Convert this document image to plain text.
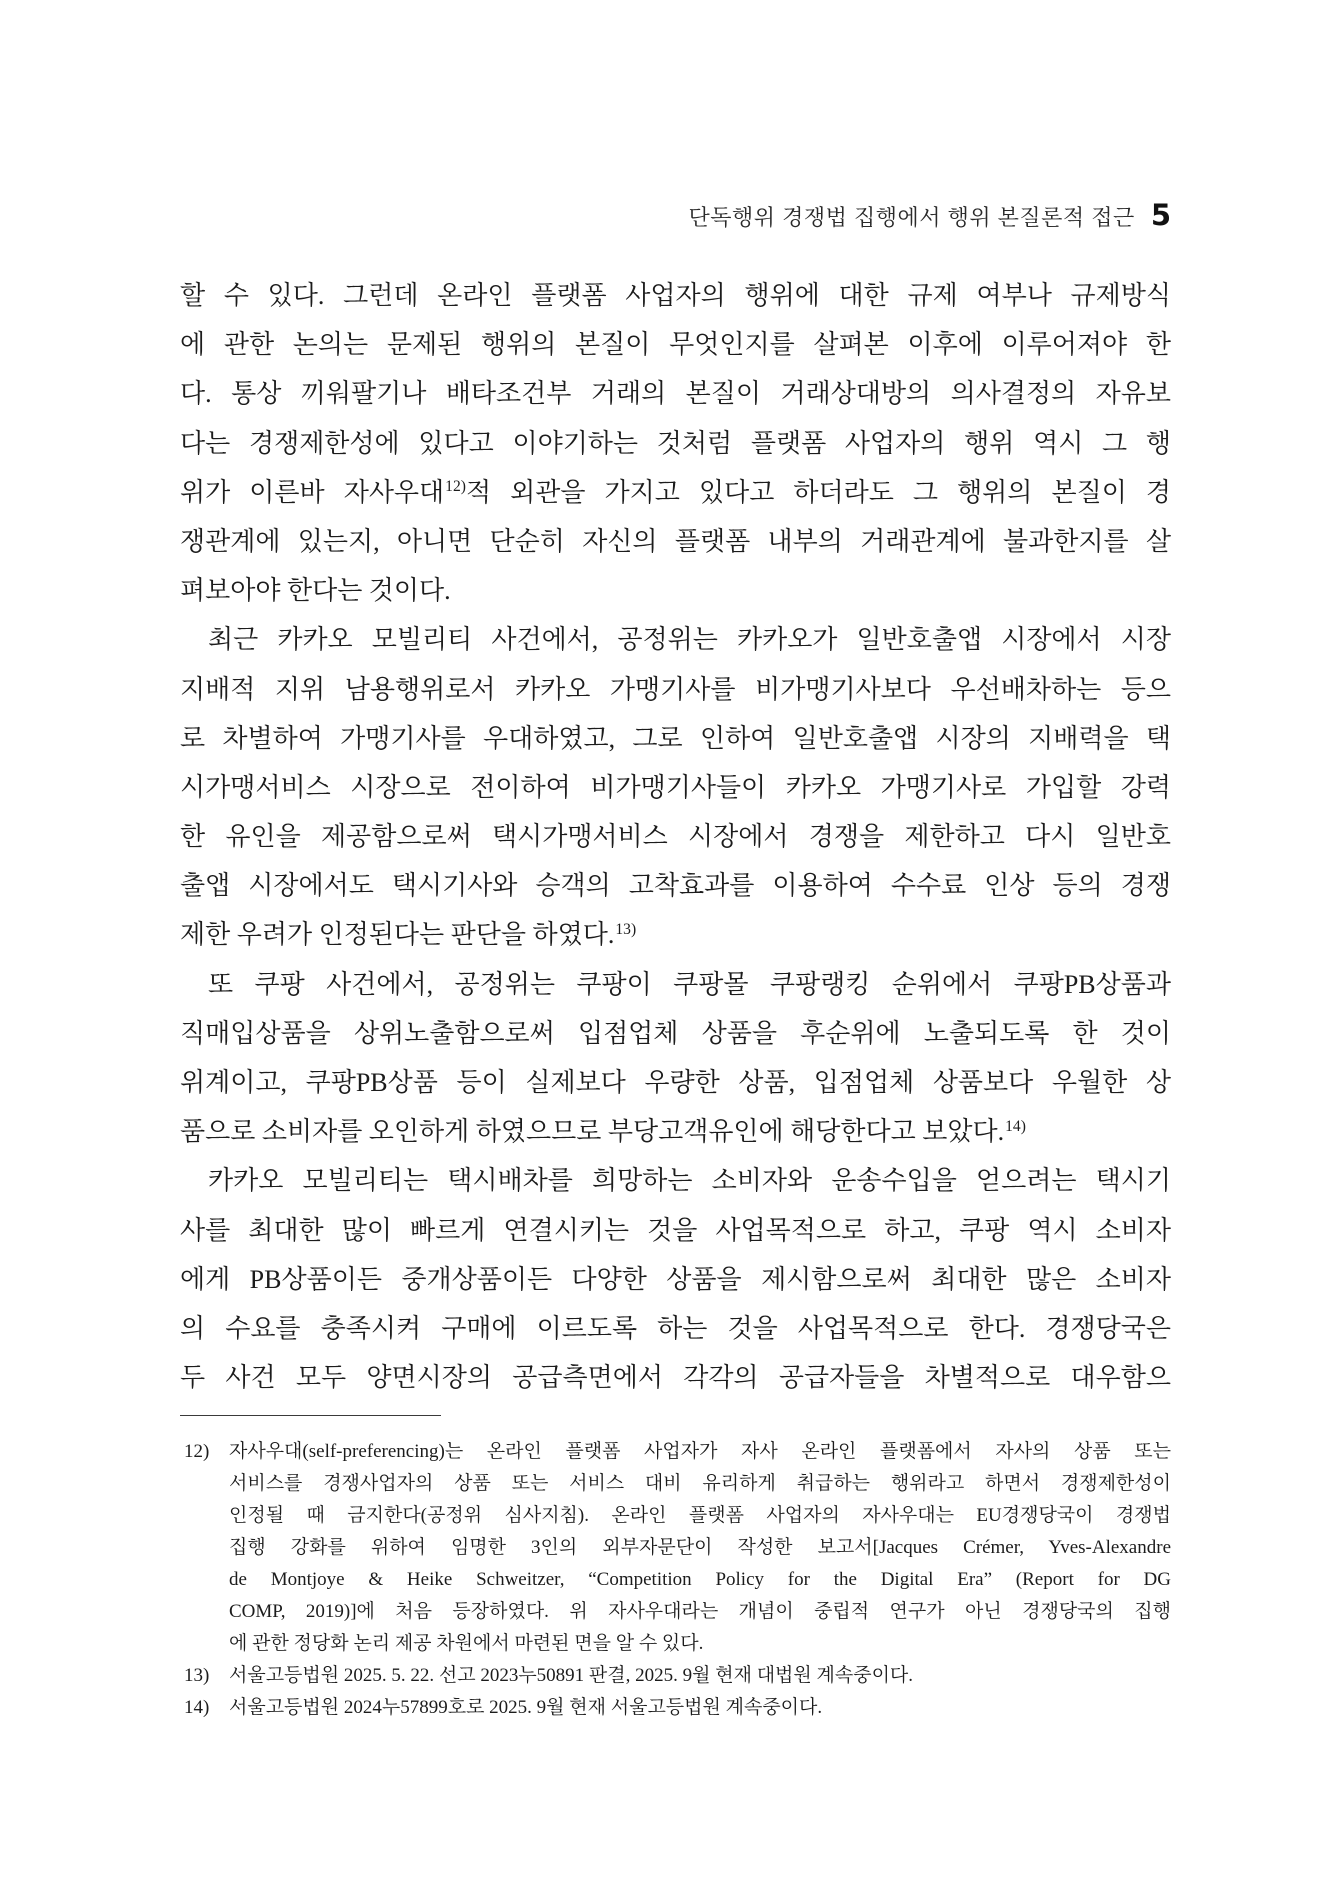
단독행위 경쟁법 집행에서 행위 본질론적 접근 5
할 수 있다. 그런데 온라인 플랫폼 사업자의 행위에 대한 규제 여부나 규제방식
에 관한 논의는 문제된 행위의 본질이 무엇인지를 살펴본 이후에 이루어져야 한
다. 통상 끼워팔기나 배타조건부 거래의 본질이 거래상대방의 의사결정의 자유보
다는 경쟁제한성에 있다고 이야기하는 것처럼 플랫폼 사업자의 행위 역시 그 행
위가 이른바 자사우대$^{12)}$적 외관을 가지고 있다고 하더라도 그 행위의 본질이 경
쟁관계에 있는지, 아니면 단순히 자신의 플랫폼 내부의 거래관계에 불과한지를 살
펴보아야 한다는 것이다.
최근 카카오 모빌리티 사건에서, 공정위는 카카오가 일반호출앱 시장에서 시장
지배적 지위 남용행위로서 카카오 가맹기사를 비가맹기사보다 우선배차하는 등으
로 차별하여 가맹기사를 우대하였고, 그로 인하여 일반호출앱 시장의 지배력을 택
시가맹서비스 시장으로 전이하여 비가맹기사들이 카카오 가맹기사로 가입할 강력
한 유인을 제공함으로써 택시가맹서비스 시장에서 경쟁을 제한하고 다시 일반호
출앱 시장에서도 택시기사와 승객의 고착효과를 이용하여 수수료 인상 등의 경쟁
제한 우려가 인정된다는 판단을 하였다.$^{13)}$
또 쿠팡 사건에서, 공정위는 쿠팡이 쿠팡몰 쿠팡랭킹 순위에서 쿠팡PB상품과
직매입상품을 상위노출함으로써 입점업체 상품을 후순위에 노출되도록 한 것이
위계이고, 쿠팡PB상품 등이 실제보다 우량한 상품, 입점업체 상품보다 우월한 상
품으로 소비자를 오인하게 하였으므로 부당고객유인에 해당한다고 보았다.$^{14)}$
카카오 모빌리티는 택시배차를 희망하는 소비자와 운송수입을 얻으려는 택시기
사를 최대한 많이 빠르게 연결시키는 것을 사업목적으로 하고, 쿠팡 역시 소비자
에게 PB상품이든 중개상품이든 다양한 상품을 제시함으로써 최대한 많은 소비자
의 수요를 충족시켜 구매에 이르도록 하는 것을 사업목적으로 한다. 경쟁당국은
두 사건 모두 양면시장의 공급측면에서 각각의 공급자들을 차별적으로 대우함으
12) 자사우대(self-preferencing)는 온라인 플랫폼 사업자가 자사 온라인 플랫폼에서 자사의 상품 또는
서비스를 경쟁사업자의 상품 또는 서비스 대비 유리하게 취급하는 행위라고 하면서 경쟁제한성이
인정될 때 금지한다(공정위 심사지침). 온라인 플랫폼 사업자의 자사우대는 EU경쟁당국이 경쟁법
집행 강화를 위하여 임명한 3인의 외부자문단이 작성한 보고서[Jacques Crémer, Yves-Alexandre
de Montjoye & Heike Schweitzer, “Competition Policy for the Digital Era” (Report for DG
COMP, 2019)]에 처음 등장하였다. 위 자사우대라는 개념이 중립적 연구가 아닌 경쟁당국의 집행
에 관한 정당화 논리 제공 차원에서 마련된 면을 알 수 있다.
13) 서울고등법원 2025. 5. 22. 선고 2023누50891 판결, 2025. 9월 현재 대법원 계속중이다.
14) 서울고등법원 2024누57899호로 2025. 9월 현재 서울고등법원 계속중이다.
